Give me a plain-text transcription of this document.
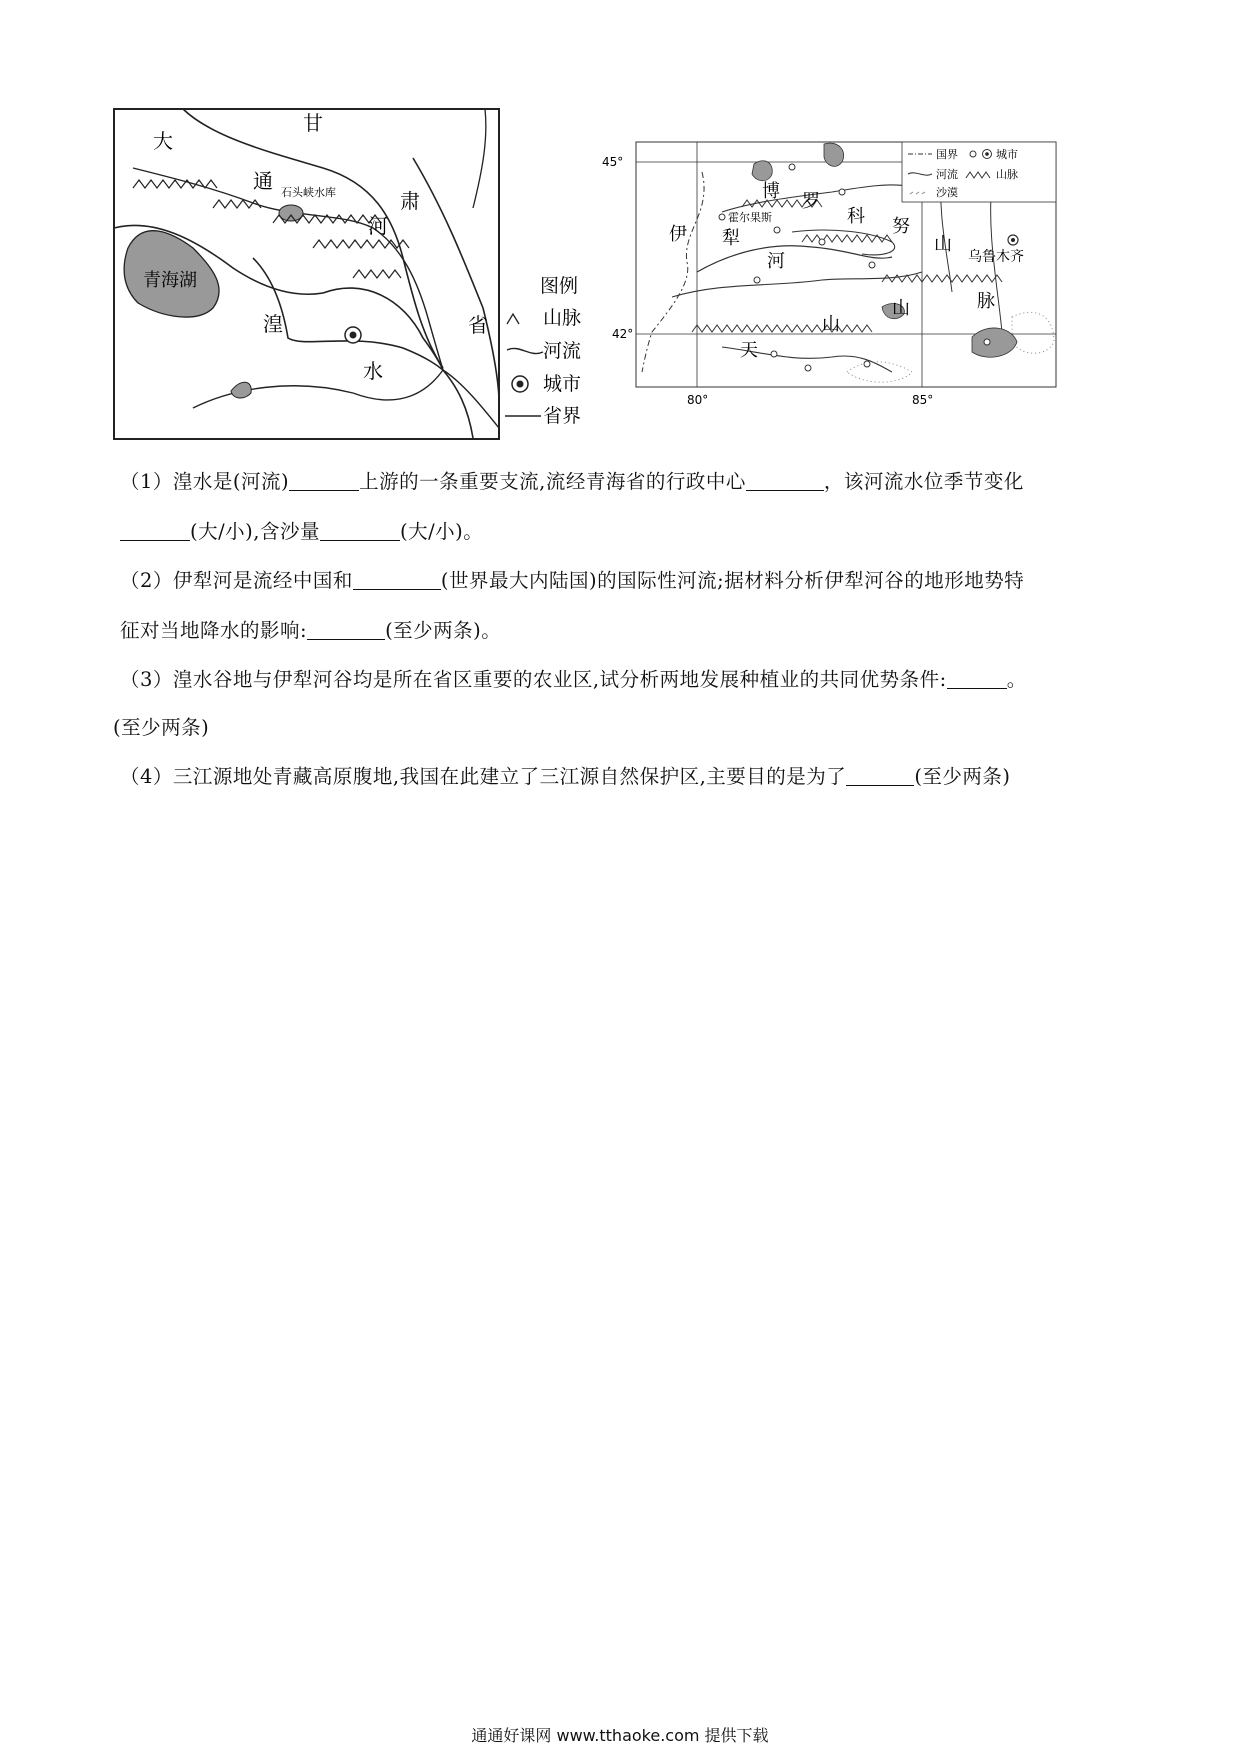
大
甘
通
肃
河
石头峡水库
青海湖
湟
水
省
图例
山脉
河流
城市
省界
国界	城市
河流	山脉
沙漠
45°
42°
80°	85°
博 罗
科 努
山
霍尔果斯
伊 犁
河
天
山
山	脉
乌鲁木齐
（1）湟水是(河流)	上游的一条重要支流,流经青海省的行政中心	，该河流水位季节变化
(大/小),含沙量	(大/小)。
（2）伊犁河是流经中国和	(世界最大内陆国)的国际性河流;据材料分析伊犁河谷的地形地势特
征对当地降水的影响:	(至少两条)。
（3）湟水谷地与伊犁河谷均是所在省区重要的农业区,试分析两地发展种植业的共同优势条件:	。
(至少两条)
（4）三江源地处青藏高原腹地,我国在此建立了三江源自然保护区,主要目的是为了	(至少两条)
通通好课网 www.tthaoke.com 提供下载
